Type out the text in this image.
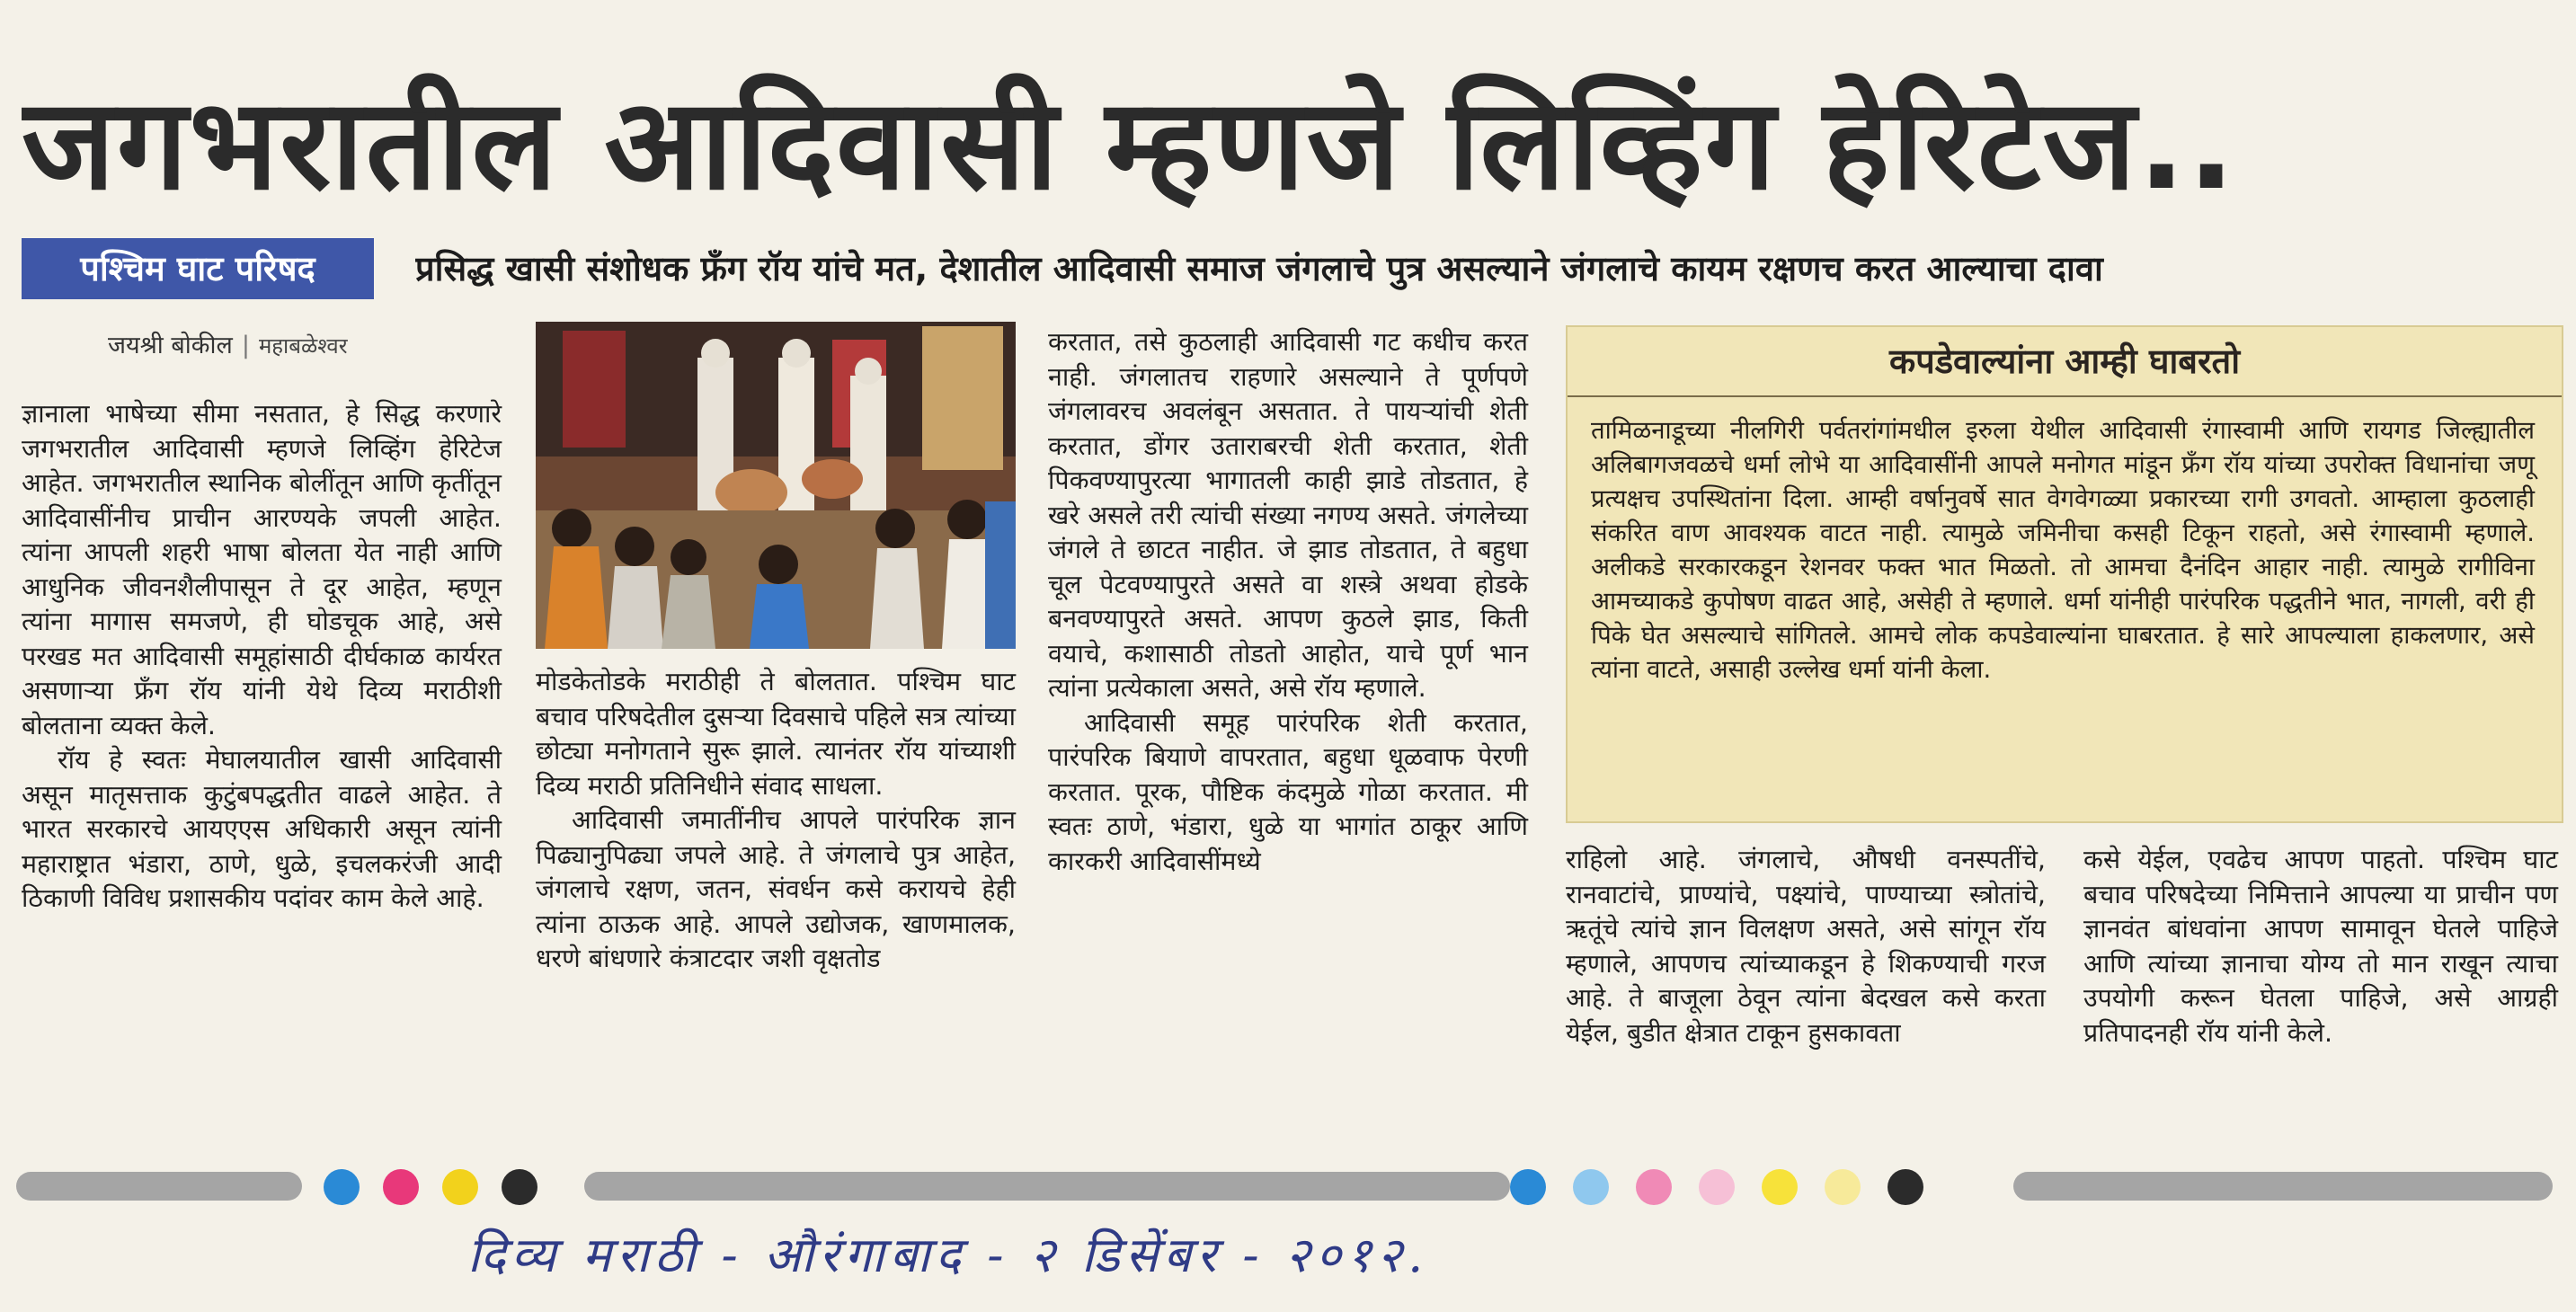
जगभरातील आदिवासी म्हणजे लिव्हिंग हेरिटेज..
पश्चिम घाट परिषद	प्रसिद्ध खासी संशोधक फ्रँग रॉय यांचे मत, देशातील आदिवासी समाज जंगलाचे पुत्र असल्याने जंगलाचे कायम रक्षणच करत आल्याचा दावा
जयश्री बोकील | महाबळेश्वर

ज्ञानाला भाषेच्या सीमा नसतात, हे सिद्ध करणारे जगभरातील आदिवासी म्हणजे लिव्हिंग हेरिटेज आहेत. जगभरातील स्थानिक बोलींतून आणि कृतींतून आदिवासींनीच प्राचीन आरण्यके जपली आहेत. त्यांना आपली शहरी भाषा बोलता येत नाही आणि आधुनिक जीवनशैलीपासून ते दूर आहेत, म्हणून त्यांना मागास समजणे, ही घोडचूक आहे, असे परखड मत आदिवासी समूहांसाठी दीर्घकाळ कार्यरत असणाऱ्या फ्रँग रॉय यांनी येथे दिव्य मराठीशी बोलताना व्यक्त केले.

रॉय हे स्वतः मेघालयातील खासी आदिवासी असून मातृसत्ताक कुटुंबपद्धतीत वाढले आहेत. ते भारत सरकारचे आयएएस अधिकारी असून त्यांनी महाराष्ट्रात भंडारा, ठाणे, धुळे, इचलकरंजी आदी ठिकाणी विविध प्रशासकीय पदांवर काम केले आहे.

मोडकेतोडके मराठीही ते बोलतात. पश्चिम घाट बचाव परिषदेतील दुसऱ्या दिवसाचे पहिले सत्र त्यांच्या छोट्या मनोगताने सुरू झाले. त्यानंतर रॉय यांच्याशी दिव्य मराठी प्रतिनिधीने संवाद साधला.

आदिवासी जमातींनीच आपले पारंपरिक ज्ञान पिढ्यानुपिढ्या जपले आहे. ते जंगलाचे पुत्र आहेत, जंगलाचे रक्षण, जतन, संवर्धन कसे करायचे हेही त्यांना ठाऊक आहे. आपले उद्योजक, खाणमालक, धरणे बांधणारे कंत्राटदार जशी वृक्षतोड

करतात, तसे कुठलाही आदिवासी गट कधीच करत नाही. जंगलातच राहणारे असल्याने ते पूर्णपणे जंगलावरच अवलंबून असतात. ते पायऱ्यांची शेती करतात, डोंगर उताराबरची शेती करतात, शेती पिकवण्यापुरत्या भागातली काही झाडे तोडतात, हे खरे असले तरी त्यांची संख्या नगण्य असते. जंगलेच्या जंगले ते छाटत नाहीत. जे झाड तोडतात, ते बहुधा चूल पेटवण्यापुरते असते वा शस्त्रे अथवा होडके बनवण्यापुरते असते. आपण कुठले झाड, किती वयाचे, कशासाठी तोडतो आहोत, याचे पूर्ण भान त्यांना प्रत्येकाला असते, असे रॉय म्हणाले.

आदिवासी समूह पारंपरिक शेती करतात, पारंपरिक बियाणे वापरतात, बहुधा धूळवाफ पेरणी करतात. पूरक, पौष्टिक कंदमुळे गोळा करतात. मी स्वतः ठाणे, भंडारा, धुळे या भागांत ठाकूर आणि कारकरी आदिवासींमध्ये

कपडेवाल्यांना आम्ही घाबरतो
तामिळनाडूच्या नीलगिरी पर्वतरांगांमधील इरुला येथील आदिवासी रंगास्वामी आणि रायगड जिल्ह्यातील अलिबागजवळचे धर्मा लोभे या आदिवासींनी आपले मनोगत मांडून फ्रँग रॉय यांच्या उपरोक्त विधानांचा जणू प्रत्यक्षच उपस्थितांना दिला. आम्ही वर्षानुवर्षे सात वेगवेगळ्या प्रकारच्या रागी उगवतो. आम्हाला कुठलाही संकरित वाण आवश्यक वाटत नाही. त्यामुळे जमिनीचा कसही टिकून राहतो, असे रंगास्वामी म्हणाले. अलीकडे सरकारकडून रेशनवर फक्त भात मिळतो. तो आमचा दैनंदिन आहार नाही. त्यामुळे रागीविना आमच्याकडे कुपोषण वाढत आहे, असेही ते म्हणाले. धर्मा यांनीही पारंपरिक पद्धतीने भात, नागली, वरी ही पिके घेत असल्याचे सांगितले. आमचे लोक कपडेवाल्यांना घाबरतात. हे सारे आपल्याला हाकलणार, असे त्यांना वाटते, असाही उल्लेख धर्मा यांनी केला.

राहिलो आहे. जंगलाचे, औषधी वनस्पतींचे, रानवाटांचे, प्राण्यांचे, पक्ष्यांचे, पाण्याच्या स्त्रोतांचे, ऋतूंचे त्यांचे ज्ञान विलक्षण असते, असे सांगून रॉय म्हणाले, आपणच त्यांच्याकडून हे शिकण्याची गरज आहे. ते बाजूला ठेवून त्यांना बेदखल कसे करता येईल, बुडीत क्षेत्रात टाकून हुसकावता

कसे येईल, एवढेच आपण पाहतो. पश्चिम घाट बचाव परिषदेच्या निमित्ताने आपल्या या प्राचीन पण ज्ञानवंत बांधवांना आपण सामावून घेतले पाहिजे आणि त्यांच्या ज्ञानाचा योग्य तो मान राखून त्याचा उपयोगी करून घेतला पाहिजे, असे आग्रही प्रतिपादनही रॉय यांनी केले.

दिव्य मराठी - औरंगाबाद - २ डिसेंबर - २०१२.
